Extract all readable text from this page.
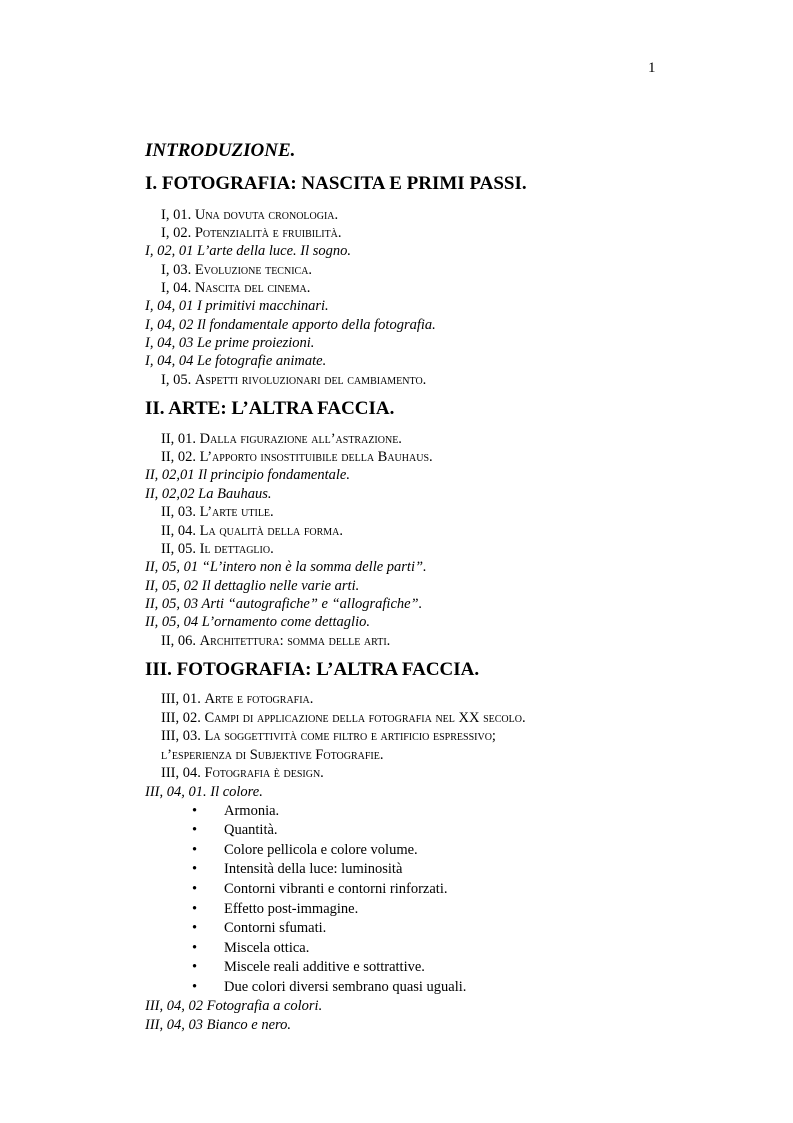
1
INTRODUZIONE.
I. FOTOGRAFIA: NASCITA E PRIMI PASSI.
I, 01. Una dovuta cronologia.
I, 02. Potenzialità e fruibilità.
I, 02, 01 L’arte della luce. Il sogno.
I, 03. Evoluzione tecnica.
I, 04. Nascita del cinema.
I, 04, 01 I primitivi macchinari.
I, 04, 02 Il fondamentale apporto della fotografia.
I, 04, 03 Le prime proiezioni.
I, 04, 04 Le fotografie animate.
I, 05. Aspetti rivoluzionari del cambiamento.
II. ARTE: L’ALTRA FACCIA.
II, 01. Dalla figurazione all’astrazione.
II, 02. L’apporto insostituibile della Bauhaus.
II, 02,01 Il principio fondamentale.
II, 02,02 La Bauhaus.
II, 03. L’arte utile.
II, 04. La qualità della forma.
II, 05. Il dettaglio.
II, 05, 01 “L’intero non è la somma delle parti”.
II, 05, 02 Il dettaglio nelle varie arti.
II, 05, 03 Arti “autografiche” e “allografiche”.
II, 05, 04 L’ornamento come dettaglio.
II, 06. Architettura: somma delle arti.
III. FOTOGRAFIA: L’ALTRA FACCIA.
III, 01. Arte e fotografia.
III, 02. Campi di applicazione della fotografia nel XX secolo.
III, 03. La soggettività come filtro e artificio espressivo;
l’esperienza di Subjektive Fotografie.
III, 04. Fotografia è design.
III, 04, 01. Il colore.
• Armonia.
• Quantità.
• Colore pellicola e colore volume.
• Intensità della luce: luminosità
• Contorni vibranti e contorni rinforzati.
• Effetto post-immagine.
• Contorni sfumati.
• Miscela ottica.
• Miscele reali additive e sottrattive.
• Due colori diversi sembrano quasi uguali.
III, 04, 02 Fotografia a colori.
III, 04, 03 Bianco e nero.
